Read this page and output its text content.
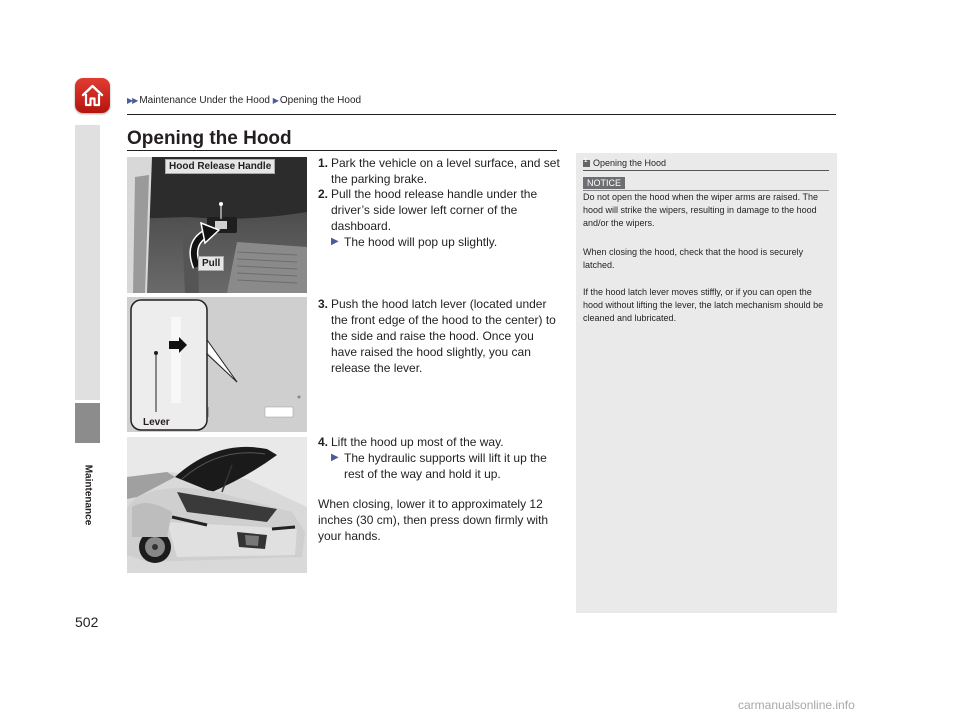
▶▶ Maintenance Under the Hood ▶ Opening the Hood
Maintenance
Opening the Hood
Hood Release Handle
Pull
Lever
1. Park the vehicle on a level surface, and set the parking brake.
2. Pull the hood release handle under the driver’s side lower left corner of the dashboard.
▶ The hood will pop up slightly.
3. Push the hood latch lever (located under the front edge of the hood to the center) to the side and raise the hood. Once you have raised the hood slightly, you can release the lever.
4. Lift the hood up most of the way.
▶ The hydraulic supports will lift it up the rest of the way and hold it up.
When closing, lower it to approximately 12 inches (30 cm), then press down firmly with your hands.
1 Opening the Hood
NOTICE
Do not open the hood when the wiper arms are raised. The hood will strike the wipers, resulting in damage to the hood and/or the wipers.
When closing the hood, check that the hood is securely latched.
If the hood latch lever moves stiffly, or if you can open the hood without lifting the lever, the latch mechanism should be cleaned and lubricated.
502
carmanualsonline.info
